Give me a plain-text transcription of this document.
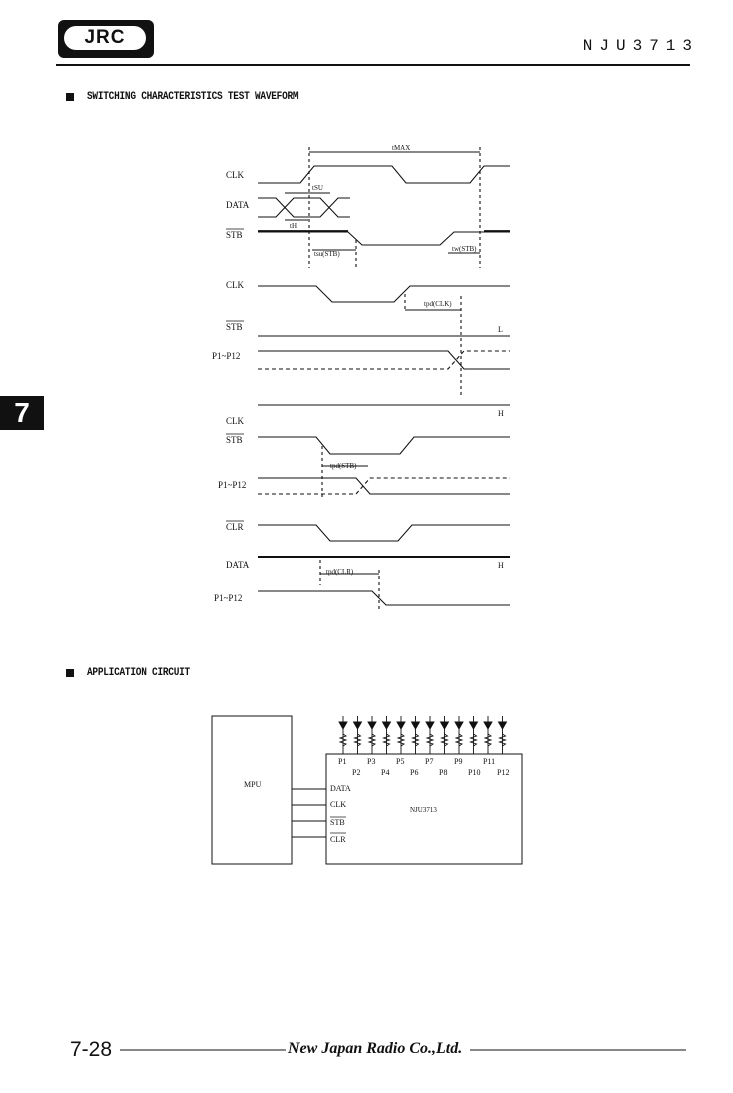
JRC	NJU3713
SWITCHING CHARACTERISTICS TEST WAVEFORM
7
CLK
DATA
STB
CLK
STB
P1~P12
CLK
STB
P1~P12
CLR
DATA
P1~P12
tMAX
tSU
tH
tsu(STB)
tw(STB)
tpd(CLK)
tpd(STB)
tpd(CLR)
L
H
H
APPLICATION CIRCUIT
MPU
NJU3713
DATA
CLK
STB
CLR
P1	P3	P5	P7	P9	P11
P2	P4	P6	P8	P10 P12
7-28	New Japan Radio Co.,Ltd.
